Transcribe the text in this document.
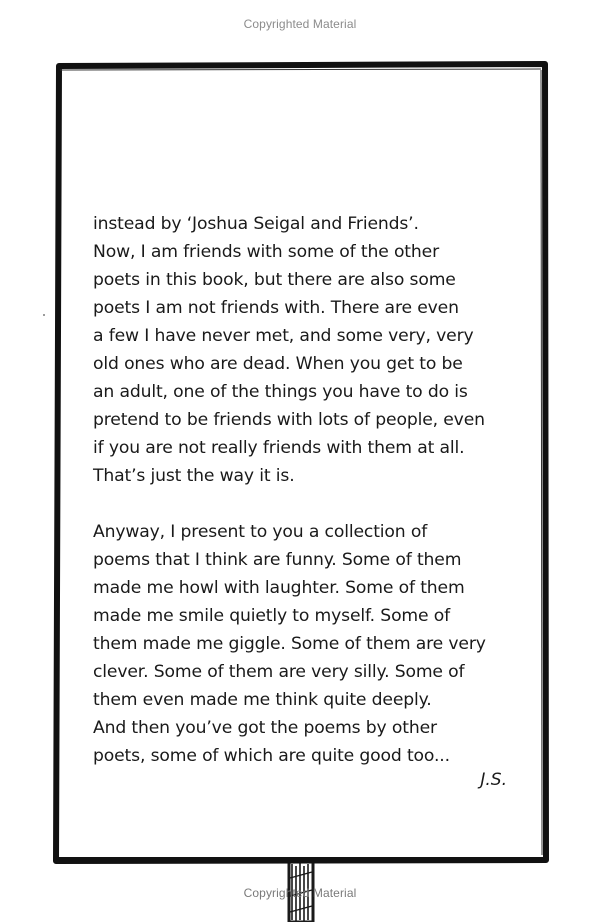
Copyrighted Material
instead by ‘Joshua Seigal and Friends’.
Now, I am friends with some of the other
poets in this book, but there are also some
poets I am not friends with. There are even
a few I have never met, and some very, very
old ones who are dead. When you get to be
an adult, one of the things you have to do is
pretend to be friends with lots of people, even
if you are not really friends with them at all.
That’s just the way it is.
Anyway, I present to you a collection of
poems that I think are funny. Some of them
made me howl with laughter. Some of them
made me smile quietly to myself. Some of
them made me giggle. Some of them are very
clever. Some of them are very silly. Some of
them even made me think quite deeply.
And then you’ve got the poems by other
poets, some of which are quite good too...
J.S.
Copyrighted Material
